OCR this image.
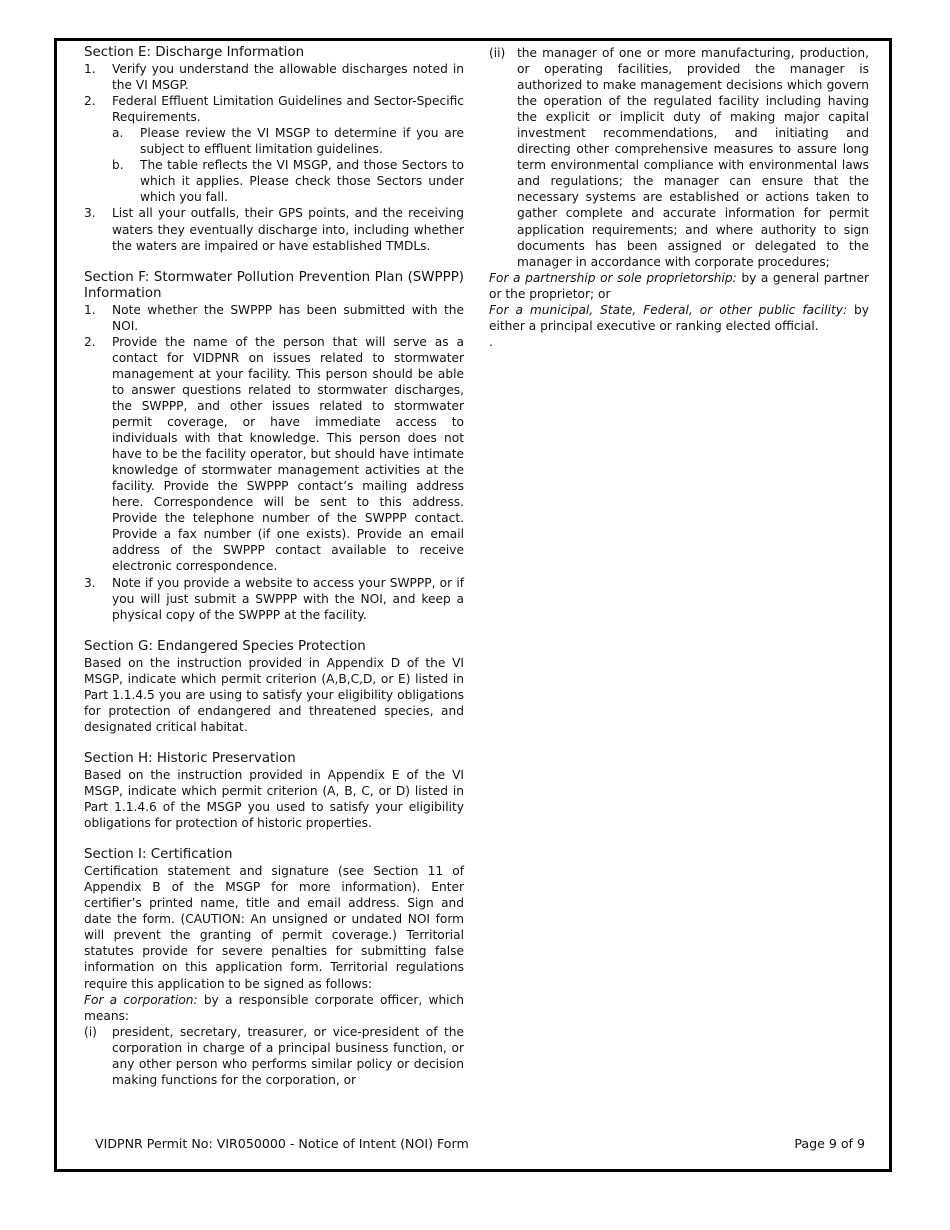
Section E: Discharge Information
1. Verify you understand the allowable discharges noted in the VI MSGP.
2. Federal Effluent Limitation Guidelines and Sector-Specific Requirements.
a. Please review the VI MSGP to determine if you are subject to effluent limitation guidelines.
b. The table reflects the VI MSGP, and those Sectors to which it applies. Please check those Sectors under which you fall.
3. List all your outfalls, their GPS points, and the receiving waters they eventually discharge into, including whether the waters are impaired or have established TMDLs.

Section F: Stormwater Pollution Prevention Plan (SWPPP) Information

1. Note whether the SWPPP has been submitted with the NOI.
2. Provide the name of the person that will serve as a contact for VIDPNR on issues related to stormwater management at your facility. This person should be able to answer questions related to stormwater discharges, the SWPPP, and other issues related to stormwater permit coverage, or have immediate access to individuals with that knowledge. This person does not have to be the facility operator, but should have intimate knowledge of stormwater management activities at the facility. Provide the SWPPP contact’s mailing address here. Correspondence will be sent to this address. Provide the telephone number of the SWPPP contact. Provide a fax number (if one exists). Provide an email address of the SWPPP contact available to receive electronic correspondence.
3. Note if you provide a website to access your SWPPP, or if you will just submit a SWPPP with the NOI, and keep a physical copy of the SWPPP at the facility.
Section G: Endangered Species Protection

Based on the instruction provided in Appendix D of the VI MSGP, indicate which permit criterion (A,B,C,D, or E) listed in Part 1.1.4.5 you are using to satisfy your eligibility obligations for protection of endangered and threatened species, and designated critical habitat.

Section H: Historic Preservation

Based on the instruction provided in Appendix E of the VI MSGP, indicate which permit criterion (A, B, C, or D) listed in Part 1.1.4.6 of the MSGP you used to satisfy your eligibility obligations for protection of historic properties.

Section I: Certification

Certification statement and signature (see Section 11 of Appendix B of the MSGP for more information). Enter certifier’s printed name, title and email address. Sign and date the form. (CAUTION: An unsigned or undated NOI form will prevent the granting of permit coverage.) Territorial statutes provide for severe penalties for submitting false information on this application form. Territorial regulations require this application to be signed as follows:

For a corporation: by a responsible corporate officer, which means:

(i) president, secretary, treasurer, or vice-president of the corporation in charge of a principal business function, or any other person who performs similar policy or decision making functions for the corporation, or
(ii) the manager of one or more manufacturing, production, or operating facilities, provided the manager is authorized to make management decisions which govern the operation of the regulated facility including having the explicit or implicit duty of making major capital investment recommendations, and initiating and directing other comprehensive measures to assure long term environmental compliance with environmental laws and regulations; the manager can ensure that the necessary systems are established or actions taken to gather complete and accurate information for permit application requirements; and where authority to sign documents has been assigned or delegated to the manager in accordance with corporate procedures;

For a partnership or sole proprietorship: by a general partner or the proprietor; or

For a municipal, State, Federal, or other public facility: by either a principal executive or ranking elected official.

.

VIDPNR Permit No: VIR050000 - Notice of Intent (NOI) Form	Page 9 of 9
